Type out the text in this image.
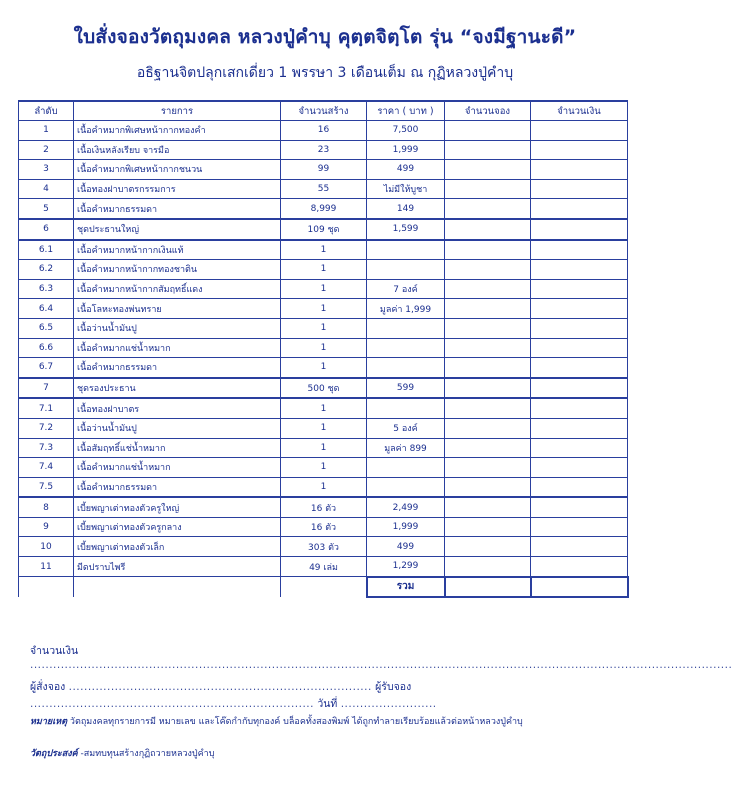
ใบสั่งจองวัตถุมงคล หลวงปู่คำบุ คุตฺตจิตฺโต รุ่น “จงมีฐานะดี”
อธิฐานจิตปลุกเสกเดี่ยว 1 พรรษา 3 เดือนเต็ม ณ กุฏิหลวงปู่คำบุ
ลำดับ	รายการ	จำนวนสร้าง	ราคา ( บาท )	จำนวนจอง	จำนวนเงิน
1	เนื้อคำหมากพิเศษหน้ากากทองคำ	16	7,500		
2	เนื้อเงินหลังเรียบ จารมือ	23	1,999		
3	เนื้อคำหมากพิเศษหน้ากากชนวน	99	499		
4	เนื้อทองฝาบาตรกรรมการ	55	ไม่มีให้บูชา		
5	เนื้อคำหมากธรรมดา	8,999	149		
6	ชุดประธานใหญ่	109 ชุด	1,599		
6.1	เนื้อคำหมากหน้ากากเงินแท้	1			
6.2	เนื้อคำหมากหน้ากากทองชาติน	1			
6.3	เนื้อคำหมากหน้ากากสัมฤทธิ์แดง	1	7 องค์		
6.4	เนื้อโลหะทองพ่นทราย	1	มูลค่า 1,999		
6.5	เนื้อว่านน้ำมันปู	1			
6.6	เนื้อคำหมากแช่น้ำหมาก	1			
6.7	เนื้อคำหมากธรรมดา	1			
7	ชุดรองประธาน	500 ชุด	599		
7.1	เนื้อทองฝาบาตร	1			
7.2	เนื้อว่านน้ำมันปู	1	5 องค์		
7.3	เนื้อสัมฤทธิ์แช่น้ำหมาก	1	มูลค่า 899		
7.4	เนื้อคำหมากแช่น้ำหมาก	1			
7.5	เนื้อคำหมากธรรมดา	1			
8	เบี้ยพญาเต่าทองตัวครูใหญ่	16 ตัว	2,499		
9	เบี้ยพญาเต่าทองตัวครูกลาง	16 ตัว	1,999		
10	เบี้ยพญาเต่าทองตัวเล็ก	303 ตัว	499		
11	มีดปราบไพรี	49 เล่ม	1,299		
			รวม		
จำนวนเงิน .......................................................................................................................................................................................
ผู้สั่งจอง ............................................................................... ผู้รับจอง .......................................................................... วันที่ .........................
หมายเหตุ วัตถุมงคลทุกรายการมี หมายเลข และโค๊ดกำกับทุกองค์ บล็อคทั้งสองพิมพ์ ได้ถูกทำลายเรียบร้อยแล้วต่อหน้าหลวงปู่คำบุ
วัตถุประสงค์ -สมทบทุนสร้างกุฏิถวายหลวงปู่คำบุ
